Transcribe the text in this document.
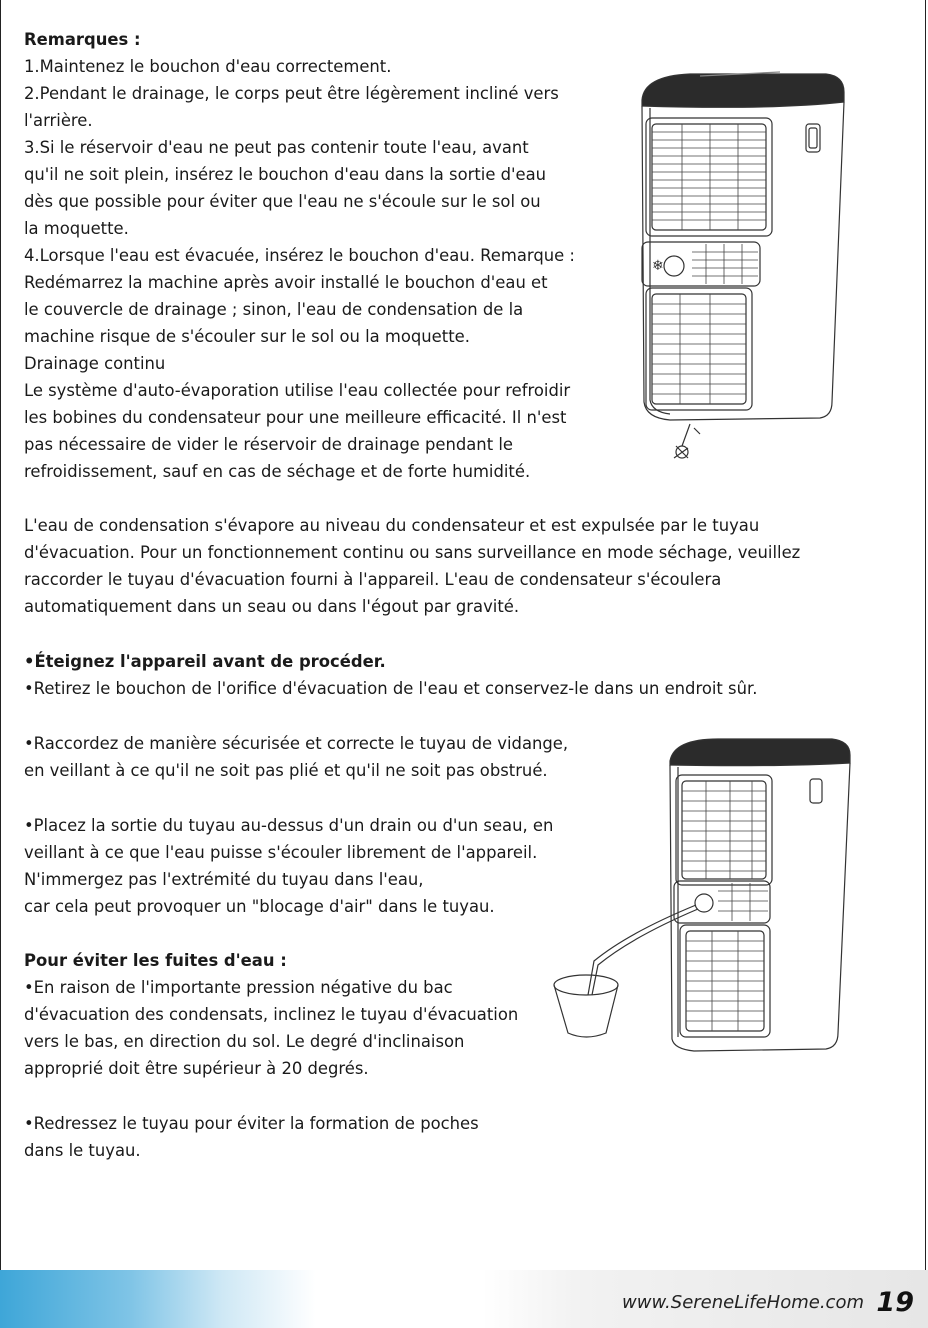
Remarques :
1.Maintenez le bouchon d'eau correctement.
2.Pendant le drainage, le corps peut être légèrement incliné vers
l'arrière.
3.Si le réservoir d'eau ne peut pas contenir toute l'eau, avant
qu'il ne soit plein, insérez le bouchon d'eau dans la sortie d'eau
dès que possible pour éviter que l'eau ne s'écoule sur le sol ou
la moquette.
4.Lorsque l'eau est évacuée, insérez le bouchon d'eau. Remarque :
Redémarrez la machine après avoir installé le bouchon d'eau et
le couvercle de drainage ; sinon, l'eau de condensation de la
machine risque de s'écouler sur le sol ou la moquette.
Drainage continu
Le système d'auto-évaporation utilise l'eau collectée pour refroidir
les bobines du condensateur pour une meilleure efficacité. Il n'est
pas nécessaire de vider le réservoir de drainage pendant le
refroidissement, sauf en cas de séchage et de forte humidité.
L'eau de condensation s'évapore au niveau du condensateur et est expulsée par le tuyau
d'évacuation. Pour un fonctionnement continu ou sans surveillance en mode séchage, veuillez
raccorder le tuyau d'évacuation fourni à l'appareil. L'eau de condensateur s'écoulera
automatiquement dans un seau ou dans l'égout par gravité.
•Éteignez l'appareil avant de procéder.
•Retirez le bouchon de l'orifice d'évacuation de l'eau et conservez-le dans un endroit sûr.
•Raccordez de manière sécurisée et correcte le tuyau de vidange,
en veillant à ce qu'il ne soit pas plié et qu'il ne soit pas obstrué.
•Placez la sortie du tuyau au-dessus d'un drain ou d'un seau, en
veillant à ce que l'eau puisse s'écouler librement de l'appareil.
N'immergez pas l'extrémité du tuyau dans l'eau,
car cela peut provoquer un "blocage d'air" dans le tuyau.
Pour éviter les fuites d'eau :
•En raison de l'importante pression négative du bac
d'évacuation des condensats, inclinez le tuyau d'évacuation
vers le bas, en direction du sol. Le degré d'inclinaison
approprié doit être supérieur à 20 degrés.
•Redressez le tuyau pour éviter la formation de poches
dans le tuyau.
❄
www.SereneLifeHome.com 19
